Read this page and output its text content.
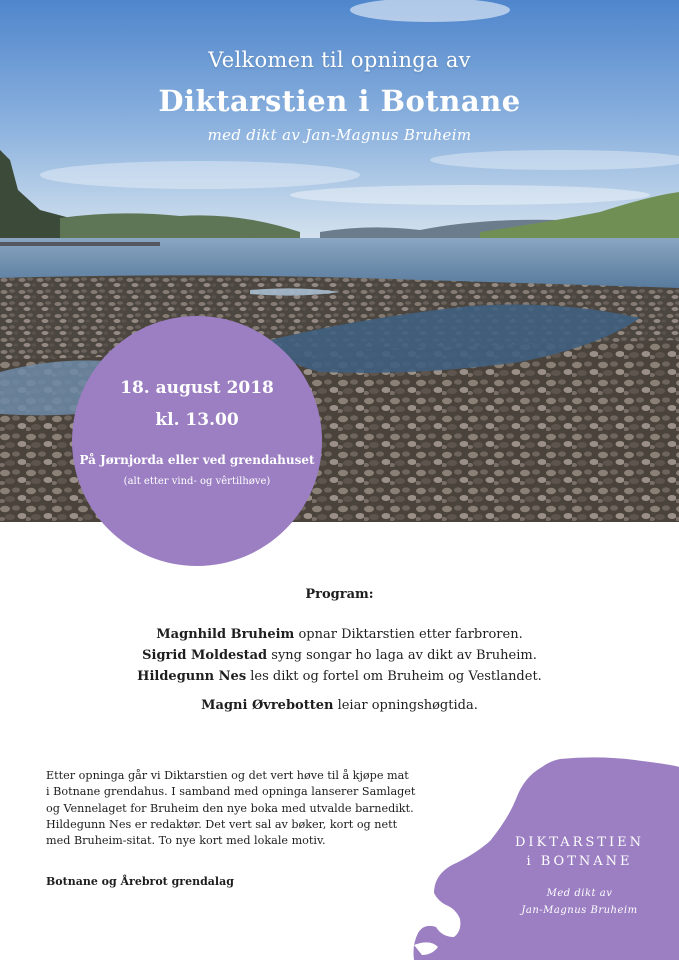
Velkomen til opninga av
Diktarstien i Botnane
med dikt av Jan-Magnus Bruheim
18. august 2018
kl. 13.00
På Jørnjorda eller ved grendahuset
(alt etter vind- og vêrtilhøve)
Program:
Magnhild Bruheim opnar Diktarstien etter farbroren.
Sigrid Moldestad syng songar ho laga av dikt av Bruheim.
Hildegunn Nes les dikt og fortel om Bruheim og Vestlandet.
Magni Øvrebotten leiar opningshøgtida.
Etter opninga går vi Diktarstien og det vert høve til å kjøpe mat
i Botnane grendahus. I samband med opninga lanserer Samlaget
og Vennelaget for Bruheim den nye boka med utvalde barnedikt.
Hildegunn Nes er redaktør. Det vert sal av bøker, kort og nett
med Bruheim-sitat. To nye kort med lokale motiv.
Botnane og Årebrot grendalag
DIKTARSTIEN
i BOTNANE
Med dikt av
Jan-Magnus Bruheim
